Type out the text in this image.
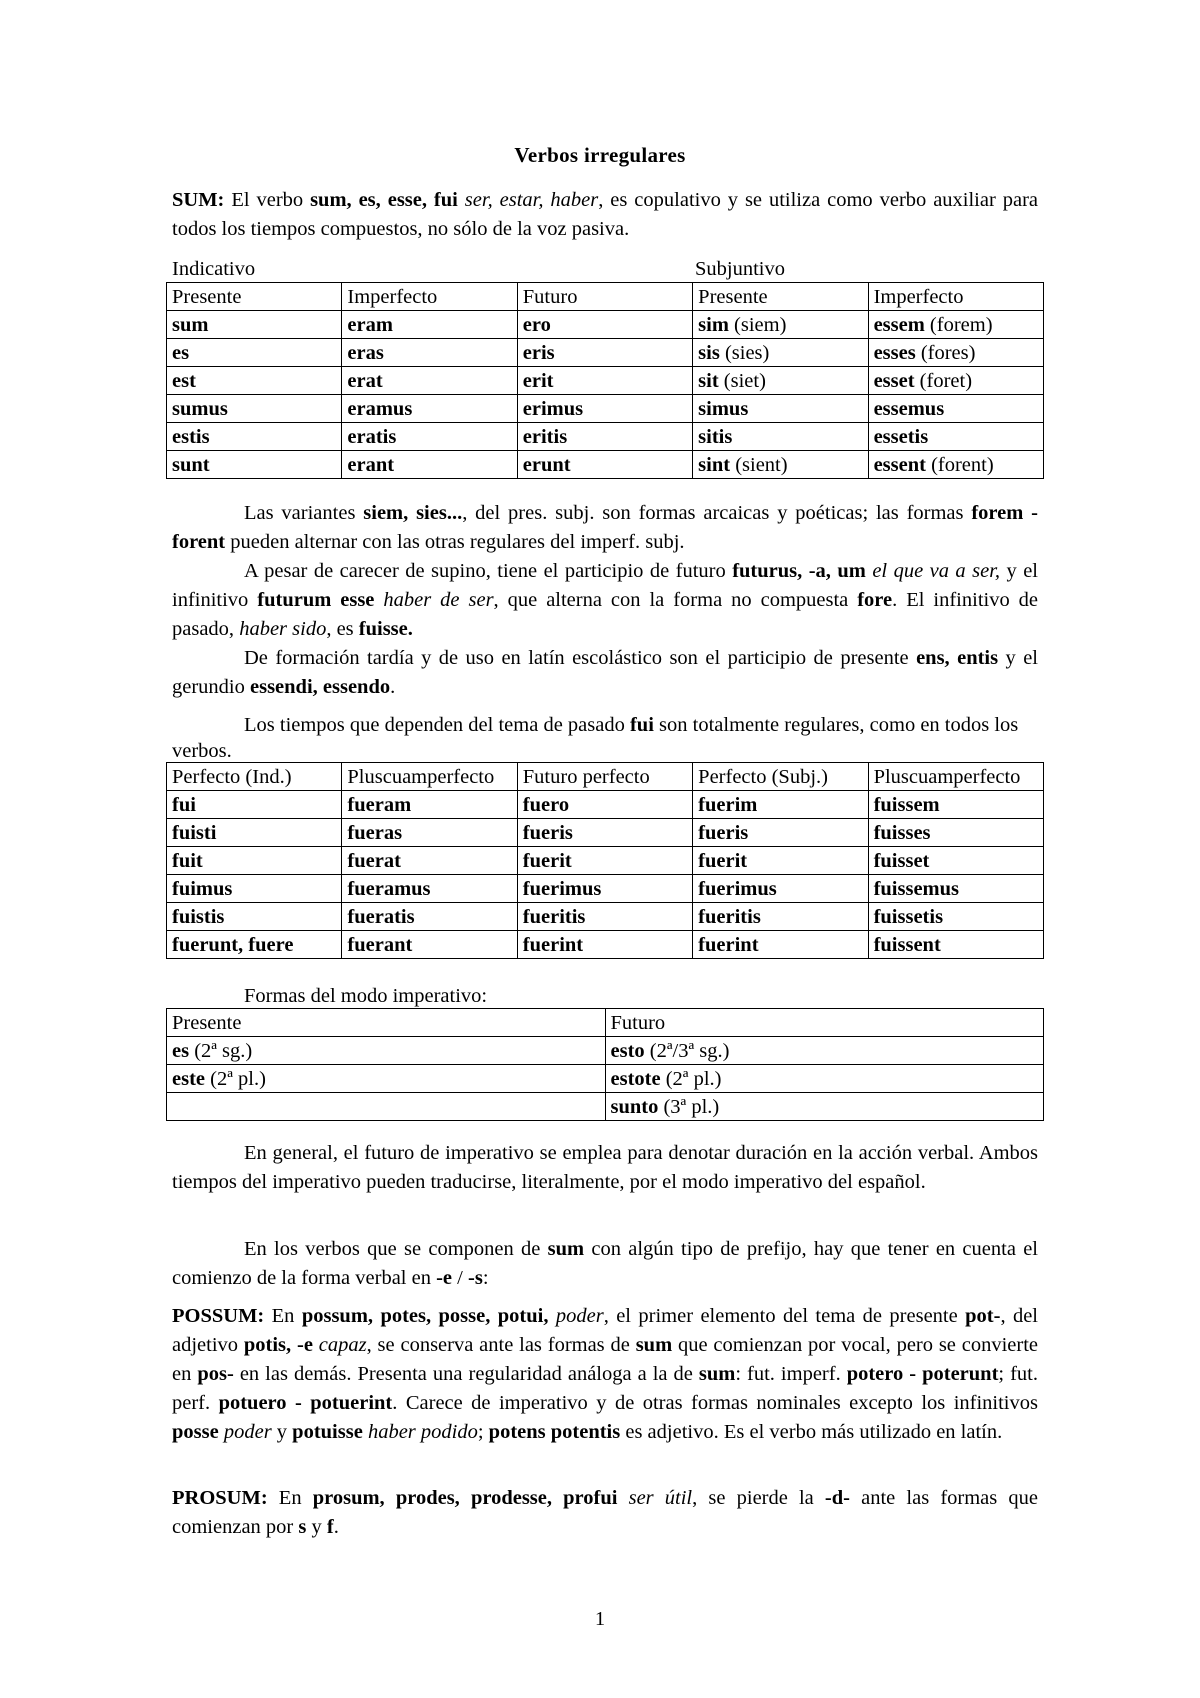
Verbos irregulares
SUM: El verbo sum, es, esse, fui ser, estar, haber, es copulativo y se utiliza como verbo auxiliar para todos los tiempos compuestos, no sólo de la voz pasiva.
Indicativo	Subjuntivo
Presente	Imperfecto	Futuro	Presente	Imperfecto
sum	eram	ero	sim (siem)	essem (forem)
es	eras	eris	sis (sies)	esses (fores)
est	erat	erit	sit (siet)	esset (foret)
sumus	eramus	erimus	simus	essemus
estis	eratis	eritis	sitis	essetis
sunt	erant	erunt	sint (sient)	essent (forent)
Las variantes siem, sies..., del pres. subj. son formas arcaicas y poéticas; las formas forem - forent pueden alternar con las otras regulares del imperf. subj.
A pesar de carecer de supino, tiene el participio de futuro futurus, -a, um el que va a ser, y el infinitivo futurum esse haber de ser, que alterna con la forma no compuesta fore. El infinitivo de pasado, haber sido, es fuisse.
De formación tardía y de uso en latín escolástico son el participio de presente ens, entis y el gerundio essendi, essendo.
Los tiempos que dependen del tema de pasado fui son totalmente regulares, como en todos los verbos.
Perfecto (Ind.)	Pluscuamperfecto	Futuro perfecto	Perfecto (Subj.)	Pluscuamperfecto
fui	fueram	fuero	fuerim	fuissem
fuisti	fueras	fueris	fueris	fuisses
fuit	fuerat	fuerit	fuerit	fuisset
fuimus	fueramus	fuerimus	fuerimus	fuissemus
fuistis	fueratis	fueritis	fueritis	fuissetis
fuerunt, fuere	fuerant	fuerint	fuerint	fuissent
Formas del modo imperativo:
Presente	Futuro
es (2ª sg.)	esto (2ª/3ª sg.)
este (2ª pl.)	estote (2ª pl.)
	sunto (3ª pl.)
En general, el futuro de imperativo se emplea para denotar duración en la acción verbal. Ambos tiempos del imperativo pueden traducirse, literalmente, por el modo imperativo del español.
En los verbos que se componen de sum con algún tipo de prefijo, hay que tener en cuenta el comienzo de la forma verbal en -e / -s:
POSSUM: En possum, potes, posse, potui, poder, el primer elemento del tema de presente pot-, del adjetivo potis, -e capaz, se conserva ante las formas de sum que comienzan por vocal, pero se convierte en pos- en las demás. Presenta una regularidad análoga a la de sum: fut. imperf. potero - poterunt; fut. perf. potuero - potuerint. Carece de imperativo y de otras formas nominales excepto los infinitivos posse poder y potuisse haber podido; potens potentis es adjetivo. Es el verbo más utilizado en latín.
PROSUM: En prosum, prodes, prodesse, profui ser útil, se pierde la -d- ante las formas que comienzan por s y f.
1
